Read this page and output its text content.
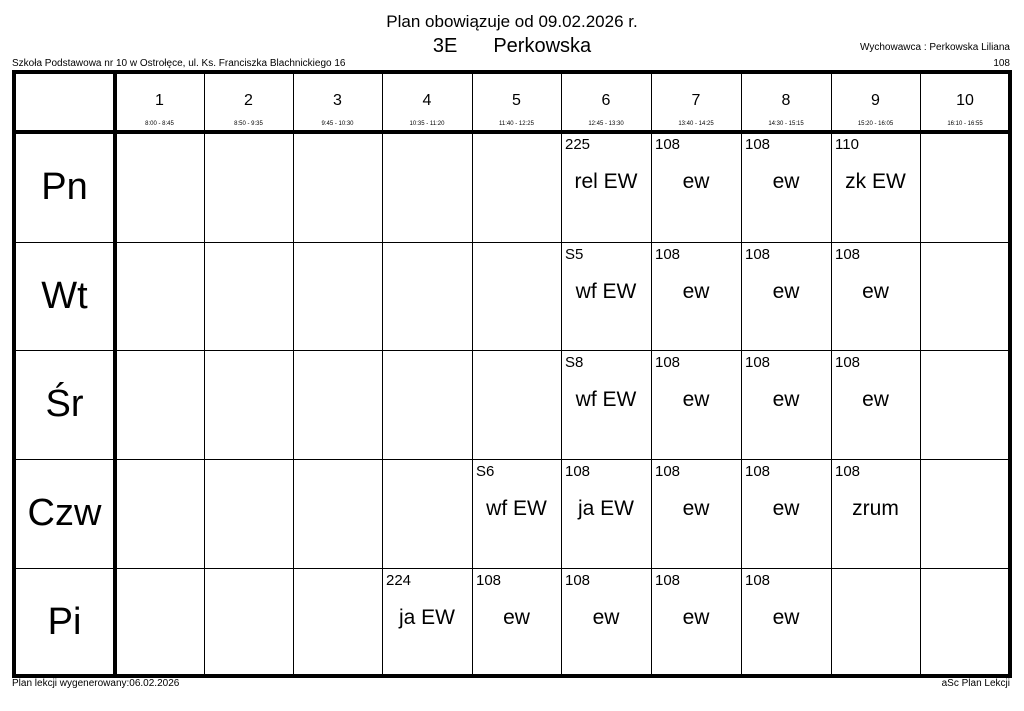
Plan obowiązuje od 09.02.2026 r.
3E Perkowska
Szkoła Podstawowa nr 10 w Ostrołęce, ul. Ks. Franciszka Blachnickiego 16
Wychowawca : Perkowska Liliana
108
1
8:00 - 8:45
2
8:50 - 9:35
3
9:45 - 10:30
4
10:35 - 11:20
5
11:40 - 12:25
6
12:45 - 13:30
7
13:40 - 14:25
8
14:30 - 15:15
9
15:20 - 16:05
10
16:10 - 16:55
Pn
225
rel EW
108
ew
108
ew
110
zk EW
Wt
S5
wf EW
108
ew
108
ew
108
ew
Śr
S8
wf EW
108
ew
108
ew
108
ew
Czw
S6
wf EW
108
ja EW
108
ew
108
ew
108
zrum
Pi
224
ja EW
108
ew
108
ew
108
ew
108
ew
Plan lekcji wygenerowany:06.02.2026	aSc Plan Lekcji
